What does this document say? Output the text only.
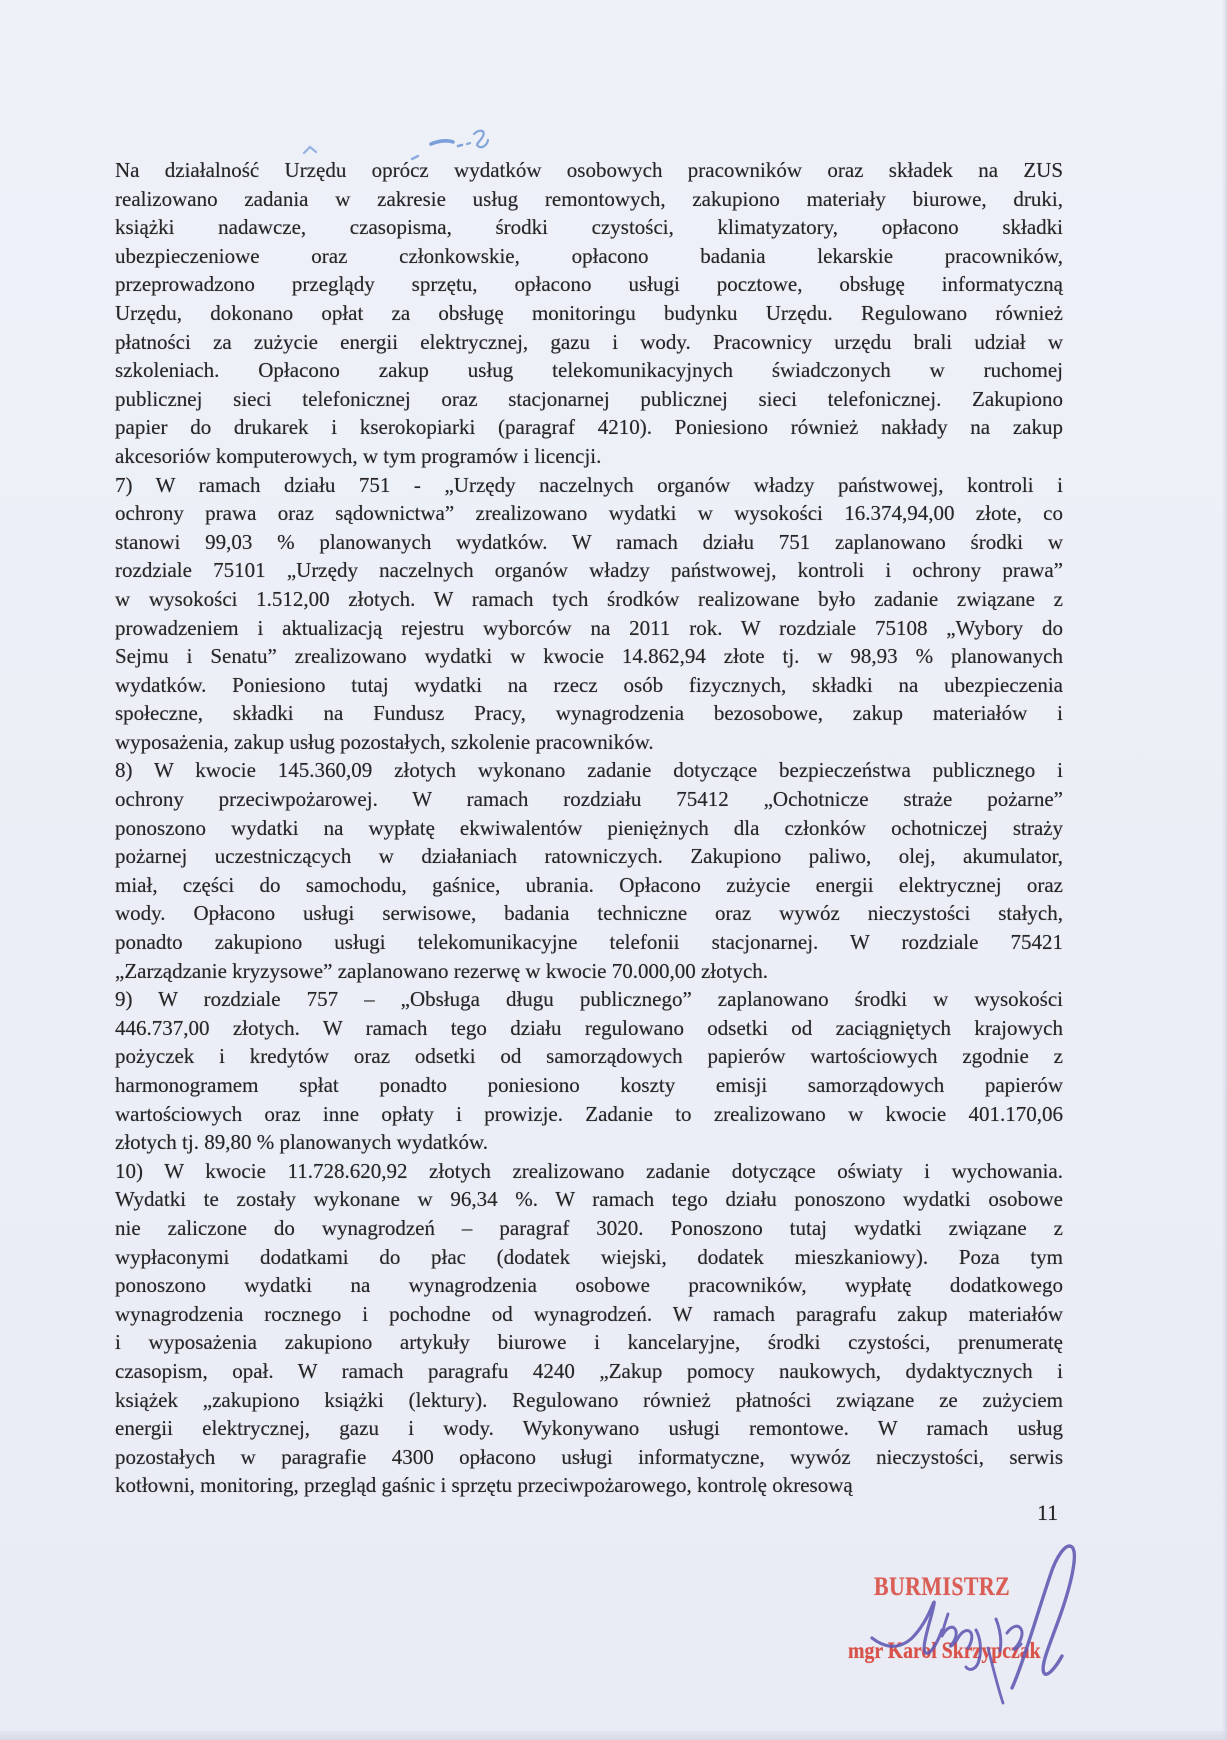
Na działalność Urzędu oprócz wydatków osobowych pracowników oraz składek na ZUS
realizowano zadania w zakresie usług remontowych, zakupiono materiały biurowe, druki,
książki nadawcze, czasopisma, środki czystości, klimatyzatory, opłacono składki
ubezpieczeniowe oraz członkowskie, opłacono badania lekarskie pracowników,
przeprowadzono przeglądy sprzętu, opłacono usługi pocztowe, obsługę informatyczną
Urzędu, dokonano opłat za obsługę monitoringu budynku Urzędu. Regulowano również
płatności za zużycie energii elektrycznej, gazu i wody. Pracownicy urzędu brali udział w
szkoleniach. Opłacono zakup usług telekomunikacyjnych świadczonych w ruchomej
publicznej sieci telefonicznej oraz stacjonarnej publicznej sieci telefonicznej. Zakupiono
papier do drukarek i kserokopiarki (paragraf 4210). Poniesiono również nakłady na zakup
akcesoriów komputerowych, w tym programów i licencji.
7) W ramach działu 751 - „Urzędy naczelnych organów władzy państwowej, kontroli i
ochrony prawa oraz sądownictwa” zrealizowano wydatki w wysokości 16.374,94,00 złote, co
stanowi 99,03 % planowanych wydatków. W ramach działu 751 zaplanowano środki w
rozdziale 75101 „Urzędy naczelnych organów władzy państwowej, kontroli i ochrony prawa”
w wysokości 1.512,00 złotych. W ramach tych środków realizowane było zadanie związane z
prowadzeniem i aktualizacją rejestru wyborców na 2011 rok. W rozdziale 75108 „Wybory do
Sejmu i Senatu” zrealizowano wydatki w kwocie 14.862,94 złote tj. w 98,93 % planowanych
wydatków. Poniesiono tutaj wydatki na rzecz osób fizycznych, składki na ubezpieczenia
społeczne, składki na Fundusz Pracy, wynagrodzenia bezosobowe, zakup materiałów i
wyposażenia, zakup usług pozostałych, szkolenie pracowników.
8) W kwocie 145.360,09 złotych wykonano zadanie dotyczące bezpieczeństwa publicznego i
ochrony przeciwpożarowej. W ramach rozdziału 75412 „Ochotnicze straże pożarne”
ponoszono wydatki na wypłatę ekwiwalentów pieniężnych dla członków ochotniczej straży
pożarnej uczestniczących w działaniach ratowniczych. Zakupiono paliwo, olej, akumulator,
miał, części do samochodu, gaśnice, ubrania. Opłacono zużycie energii elektrycznej oraz
wody. Opłacono usługi serwisowe, badania techniczne oraz wywóz nieczystości stałych,
ponadto zakupiono usługi telekomunikacyjne telefonii stacjonarnej. W rozdziale 75421
„Zarządzanie kryzysowe” zaplanowano rezerwę w kwocie 70.000,00 złotych.
9) W rozdziale 757 – „Obsługa długu publicznego” zaplanowano środki w wysokości
446.737,00 złotych. W ramach tego działu regulowano odsetki od zaciągniętych krajowych
pożyczek i kredytów oraz odsetki od samorządowych papierów wartościowych zgodnie z
harmonogramem spłat ponadto poniesiono koszty emisji samorządowych papierów
wartościowych oraz inne opłaty i prowizje. Zadanie to zrealizowano w kwocie 401.170,06
złotych tj. 89,80 % planowanych wydatków.
10) W kwocie 11.728.620,92 złotych zrealizowano zadanie dotyczące oświaty i wychowania.
Wydatki te zostały wykonane w 96,34 %. W ramach tego działu ponoszono wydatki osobowe
nie zaliczone do wynagrodzeń – paragraf 3020. Ponoszono tutaj wydatki związane z
wypłaconymi dodatkami do płac (dodatek wiejski, dodatek mieszkaniowy). Poza tym
ponoszono wydatki na wynagrodzenia osobowe pracowników, wypłatę dodatkowego
wynagrodzenia rocznego i pochodne od wynagrodzeń. W ramach paragrafu zakup materiałów
i wyposażenia zakupiono artykuły biurowe i kancelaryjne, środki czystości, prenumeratę
czasopism, opał. W ramach paragrafu 4240 „Zakup pomocy naukowych, dydaktycznych i
książek „zakupiono książki (lektury). Regulowano również płatności związane ze zużyciem
energii elektrycznej, gazu i wody. Wykonywano usługi remontowe. W ramach usług
pozostałych w paragrafie 4300 opłacono usługi informatyczne, wywóz nieczystości, serwis
kotłowni, monitoring, przegląd gaśnic i sprzętu przeciwpożarowego, kontrolę okresową
11
BURMISTRZ
mgr Karol Skrzypczak
